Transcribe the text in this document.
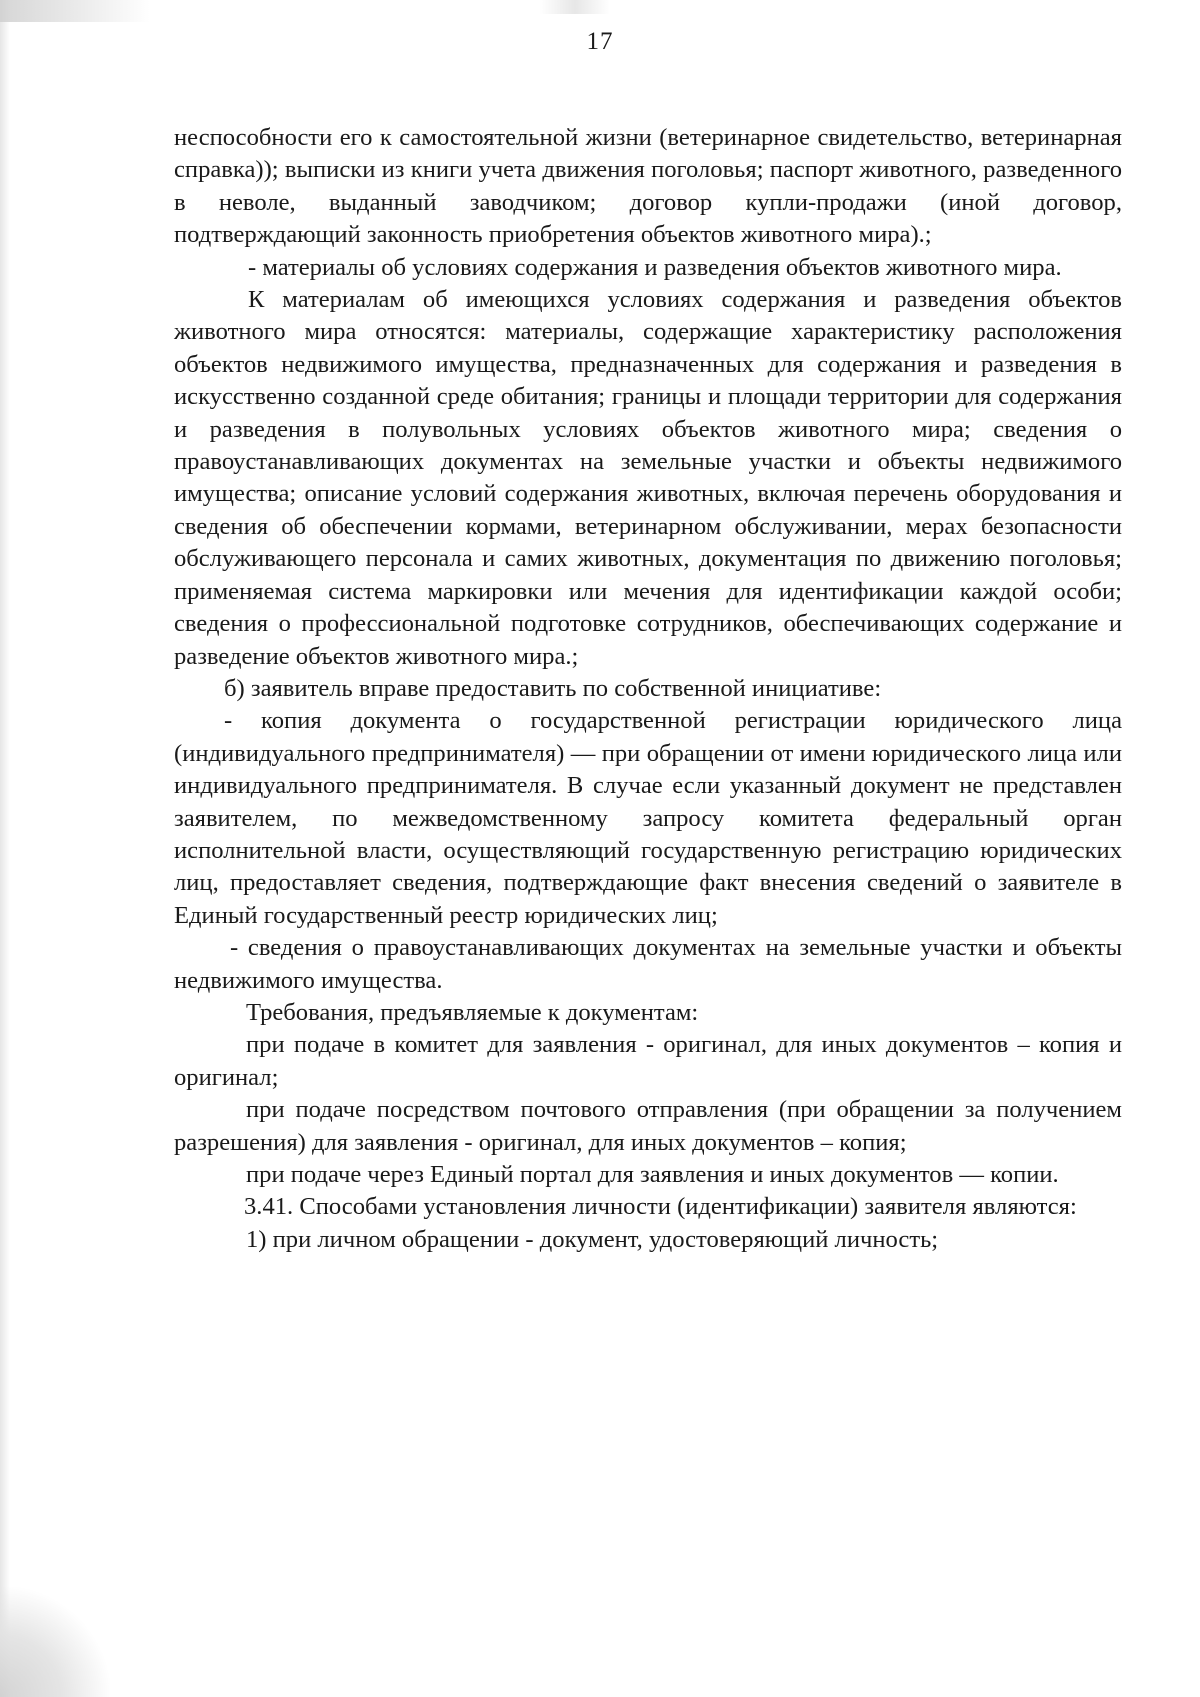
17

неспособности его к самостоятельной жизни (ветеринарное свидетельство, ветеринарная справка)); выписки из книги учета движения поголовья; паспорт животного, разведенного в неволе, выданный заводчиком; договор купли-продажи (иной договор, подтверждающий законность приобретения объектов животного мира).;

- материалы об условиях содержания и разведения объектов животного мира.

К материалам об имеющихся условиях содержания и разведения объектов животного мира относятся: материалы, содержащие характеристику расположения объектов недвижимого имущества, предназначенных для содержания и разведения в искусственно созданной среде обитания; границы и площади территории для содержания и разведения в полувольных условиях объектов животного мира; сведения о правоустанавливающих документах на земельные участки и объекты недвижимого имущества; описание условий содержания животных, включая перечень оборудования и сведения об обеспечении кормами, ветеринарном обслуживании, мерах безопасности обслуживающего персонала и самих животных, документация по движению поголовья; применяемая система маркировки или мечения для идентификации каждой особи; сведения о профессиональной подготовке сотрудников, обеспечивающих содержание и разведение объектов животного мира.;

б) заявитель вправе предоставить по собственной инициативе:

- копия документа о государственной регистрации юридического лица (индивидуального предпринимателя) — при обращении от имени юридического лица или индивидуального предпринимателя. В случае если указанный документ не представлен заявителем, по межведомственному запросу комитета федеральный орган исполнительной власти, осуществляющий государственную регистрацию юридических лиц, предоставляет сведения, подтверждающие факт внесения сведений о заявителе в Единый государственный реестр юридических лиц;

- сведения о правоустанавливающих документах на земельные участки и объекты недвижимого имущества.

Требования, предъявляемые к документам:

при подаче в комитет для заявления - оригинал, для иных документов – копия и оригинал;

при подаче посредством почтового отправления (при обращении за получением разрешения) для заявления - оригинал, для иных документов – копия;

при подаче через Единый портал для заявления и иных документов — копии.

3.41. Способами установления личности (идентификации) заявителя являются:

1) при личном обращении - документ, удостоверяющий личность;
